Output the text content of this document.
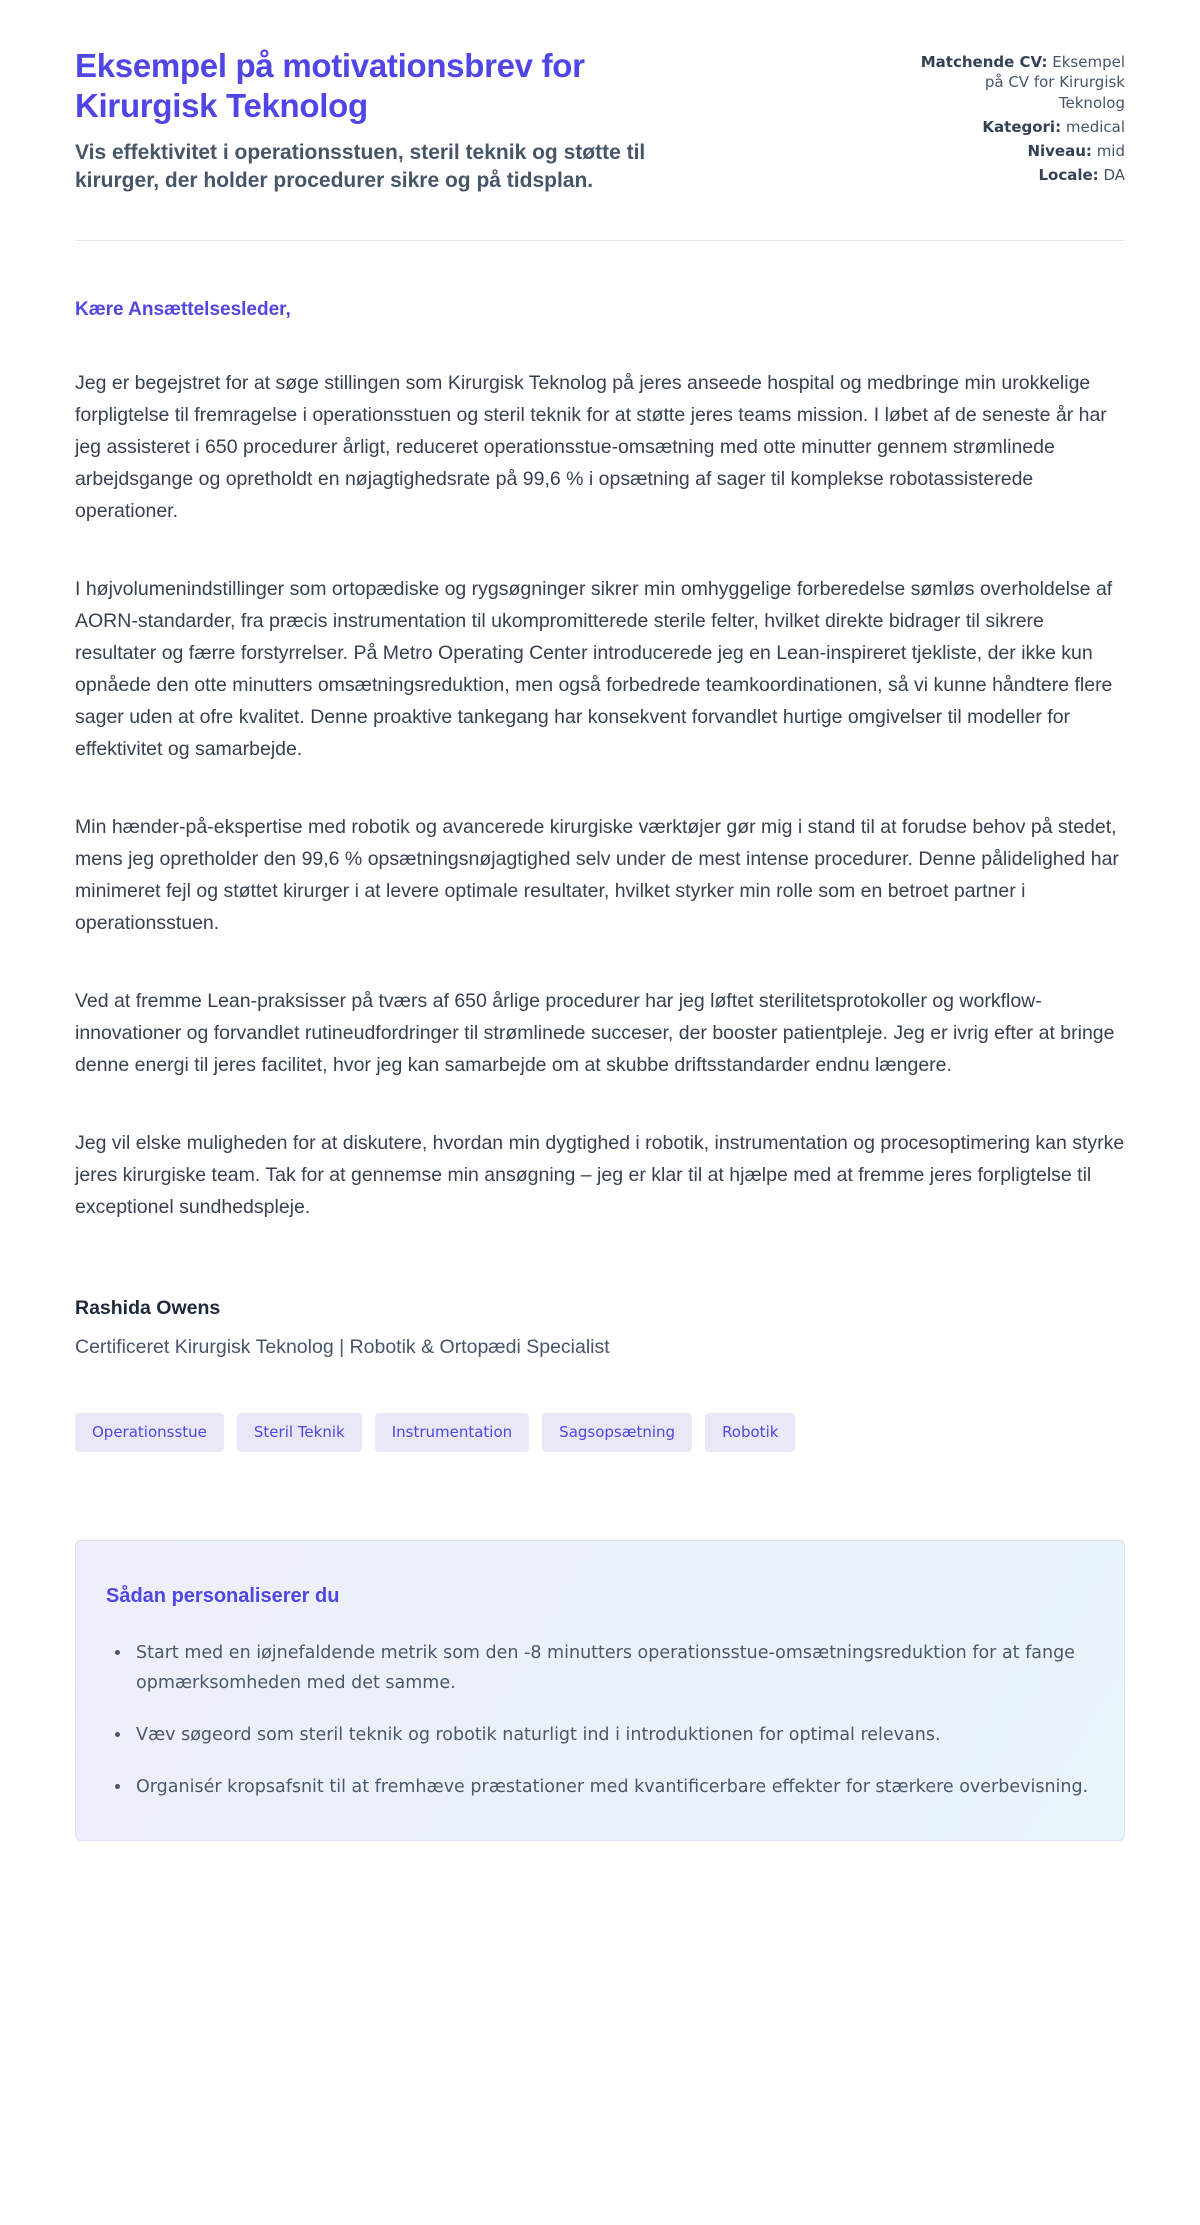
Eksempel på motivationsbrev for Kirurgisk Teknolog

Vis effektivitet i operationsstuen, steril teknik og støtte til kirurger, der holder procedurer sikre og på tidsplan.

Matchende CV: Eksempel på CV for Kirurgisk Teknolog
Kategori: medical
Niveau: mid
Locale: DA

Kære Ansættelsesleder,

Jeg er begejstret for at søge stillingen som Kirurgisk Teknolog på jeres anseede hospital og medbringe min urokkelige forpligtelse til fremragelse i operationsstuen og steril teknik for at støtte jeres teams mission. I løbet af de seneste år har jeg assisteret i 650 procedurer årligt, reduceret operationsstue-omsætning med otte minutter gennem strømlinede arbejdsgange og opretholdt en nøjagtighedsrate på 99,6 % i opsætning af sager til komplekse robotassisterede operationer.

I højvolumenindstillinger som ortopædiske og rygsøgninger sikrer min omhyggelige forberedelse sømløs overholdelse af AORN-standarder, fra præcis instrumentation til ukompromitterede sterile felter, hvilket direkte bidrager til sikrere resultater og færre forstyrrelser. På Metro Operating Center introducerede jeg en Lean-inspireret tjekliste, der ikke kun opnåede den otte minutters omsætningsreduktion, men også forbedrede teamkoordinationen, så vi kunne håndtere flere sager uden at ofre kvalitet. Denne proaktive tankegang har konsekvent forvandlet hurtige omgivelser til modeller for effektivitet og samarbejde.

Min hænder-på-ekspertise med robotik og avancerede kirurgiske værktøjer gør mig i stand til at forudse behov på stedet, mens jeg opretholder den 99,6 % opsætningsnøjagtighed selv under de mest intense procedurer. Denne pålidelighed har minimeret fejl og støttet kirurger i at levere optimale resultater, hvilket styrker min rolle som en betroet partner i operationsstuen.

Ved at fremme Lean-praksisser på tværs af 650 årlige procedurer har jeg løftet sterilitetsprotokoller og workflow-innovationer og forvandlet rutineudfordringer til strømlinede succeser, der booster patientpleje. Jeg er ivrig efter at bringe denne energi til jeres facilitet, hvor jeg kan samarbejde om at skubbe driftsstandarder endnu længere.

Jeg vil elske muligheden for at diskutere, hvordan min dygtighed i robotik, instrumentation og procesoptimering kan styrke jeres kirurgiske team. Tak for at gennemse min ansøgning – jeg er klar til at hjælpe med at fremme jeres forpligtelse til exceptionel sundhedspleje.

Rashida Owens

Certificeret Kirurgisk Teknolog | Robotik & Ortopædi Specialist

Operationsstue	Steril Teknik	Instrumentation	Sagsopsætning	Robotik
Sådan personaliserer du
• Start med en iøjnefaldende metrik som den -8 minutters operationsstue-omsætningsreduktion for at fange opmærksomheden med det samme.
• Væv søgeord som steril teknik og robotik naturligt ind i introduktionen for optimal relevans.
• Organisér kropsafsnit til at fremhæve præstationer med kvantificerbare effekter for stærkere overbevisning.
